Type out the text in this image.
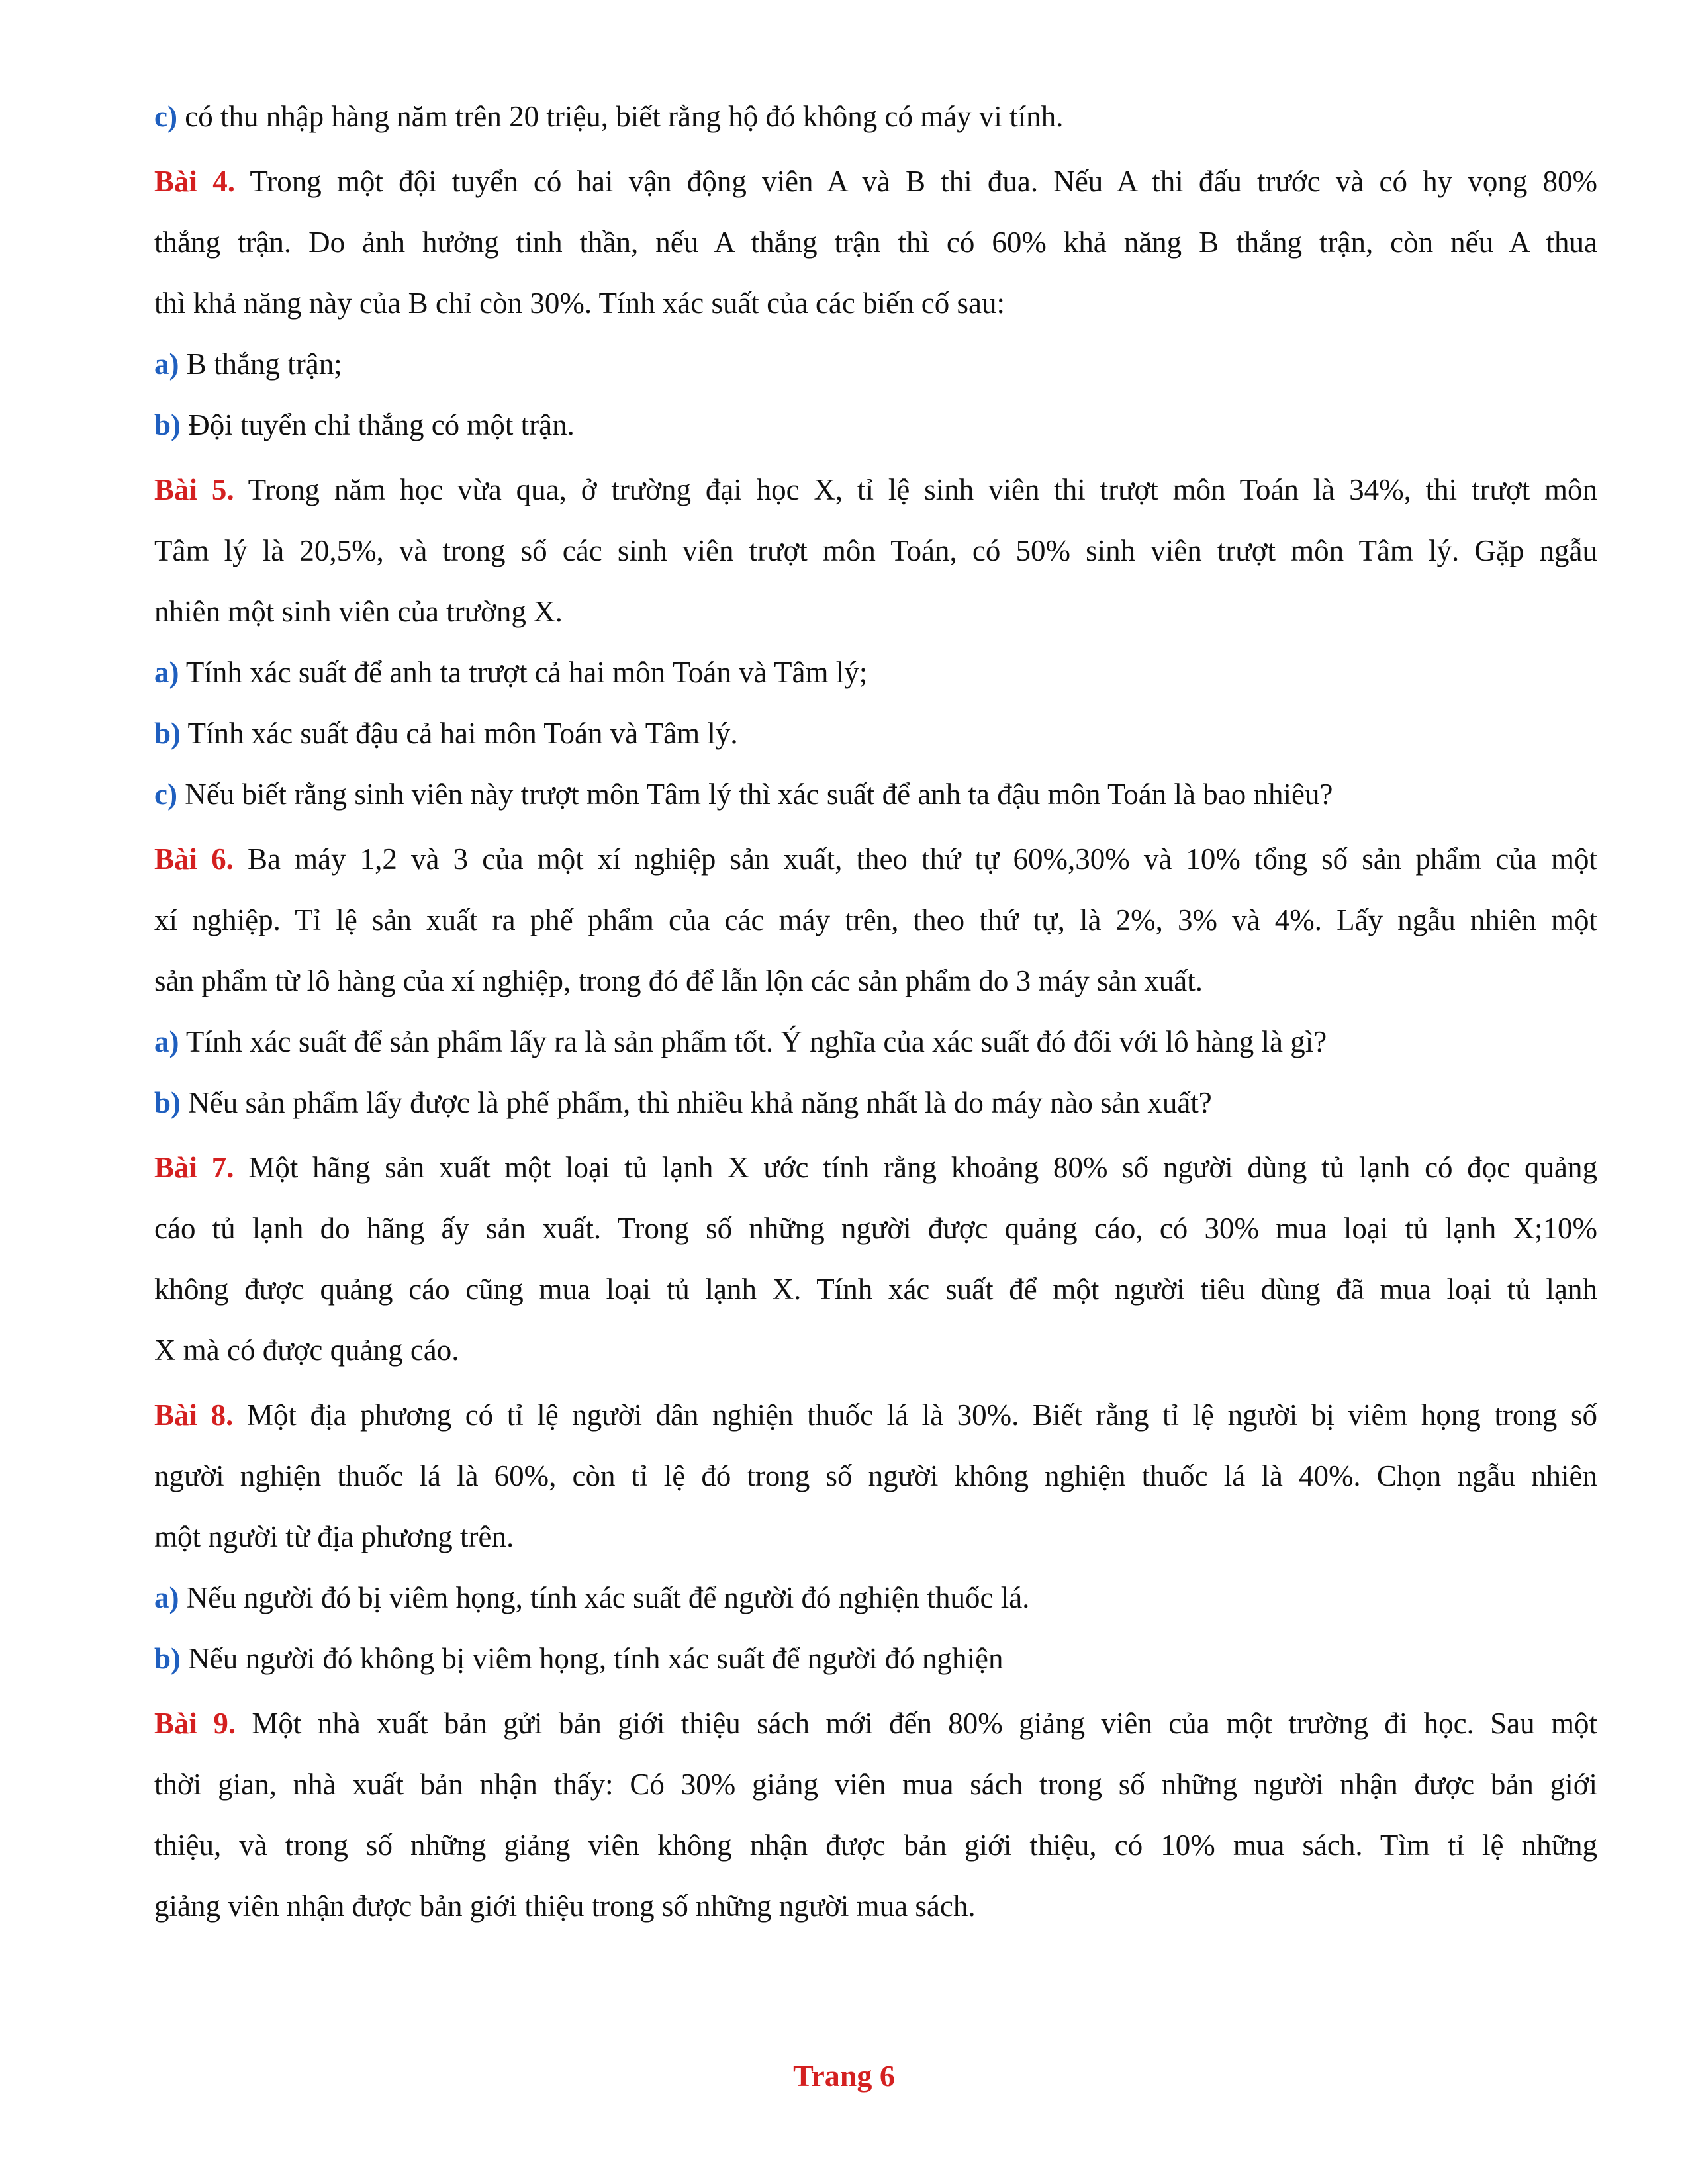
c) có thu nhập hàng năm trên 20 triệu, biết rằng hộ đó không có máy vi tính.
Bài 4. Trong một đội tuyển có hai vận động viên A và B thi đua. Nếu A thi đấu trước và có hy vọng 80%
thắng trận. Do ảnh hưởng tinh thần, nếu A thắng trận thì có 60% khả năng B thắng trận, còn nếu A thua
thì khả năng này của B chỉ còn 30%. Tính xác suất của các biến cố sau:
a) B thắng trận;
b) Đội tuyển chỉ thắng có một trận.
Bài 5. Trong năm học vừa qua, ở trường đại học X, tỉ lệ sinh viên thi trượt môn Toán là 34%, thi trượt môn
Tâm lý là 20,5%, và trong số các sinh viên trượt môn Toán, có 50% sinh viên trượt môn Tâm lý. Gặp ngẫu
nhiên một sinh viên của trường X.
a) Tính xác suất để anh ta trượt cả hai môn Toán và Tâm lý;
b) Tính xác suất đậu cả hai môn Toán và Tâm lý.
c) Nếu biết rằng sinh viên này trượt môn Tâm lý thì xác suất để anh ta đậu môn Toán là bao nhiêu?
Bài 6. Ba máy 1,2 và 3 của một xí nghiệp sản xuất, theo thứ tự 60%,30% và 10% tổng số sản phẩm của một
xí nghiệp. Tỉ lệ sản xuất ra phế phẩm của các máy trên, theo thứ tự, là 2%, 3% và 4%. Lấy ngẫu nhiên một
sản phẩm từ lô hàng của xí nghiệp, trong đó để lẫn lộn các sản phẩm do 3 máy sản xuất.
a) Tính xác suất để sản phẩm lấy ra là sản phẩm tốt. Ý nghĩa của xác suất đó đối với lô hàng là gì?
b) Nếu sản phẩm lấy được là phế phẩm, thì nhiều khả năng nhất là do máy nào sản xuất?
Bài 7. Một hãng sản xuất một loại tủ lạnh X ước tính rằng khoảng 80% số người dùng tủ lạnh có đọc quảng
cáo tủ lạnh do hãng ấy sản xuất. Trong số những người được quảng cáo, có 30% mua loại tủ lạnh X;10%
không được quảng cáo cũng mua loại tủ lạnh X. Tính xác suất để một người tiêu dùng đã mua loại tủ lạnh
X mà có được quảng cáo.
Bài 8. Một địa phương có tỉ lệ người dân nghiện thuốc lá là 30%. Biết rằng tỉ lệ người bị viêm họng trong số
người nghiện thuốc lá là 60%, còn tỉ lệ đó trong số người không nghiện thuốc lá là 40%. Chọn ngẫu nhiên
một người từ địa phương trên.
a) Nếu người đó bị viêm họng, tính xác suất để người đó nghiện thuốc lá.
b) Nếu người đó không bị viêm họng, tính xác suất để người đó nghiện
Bài 9. Một nhà xuất bản gửi bản giới thiệu sách mới đến 80% giảng viên của một trường đi học. Sau một
thời gian, nhà xuất bản nhận thấy: Có 30% giảng viên mua sách trong số những người nhận được bản giới
thiệu, và trong số những giảng viên không nhận được bản giới thiệu, có 10% mua sách. Tìm tỉ lệ những
giảng viên nhận được bản giới thiệu trong số những người mua sách.
Trang 6
